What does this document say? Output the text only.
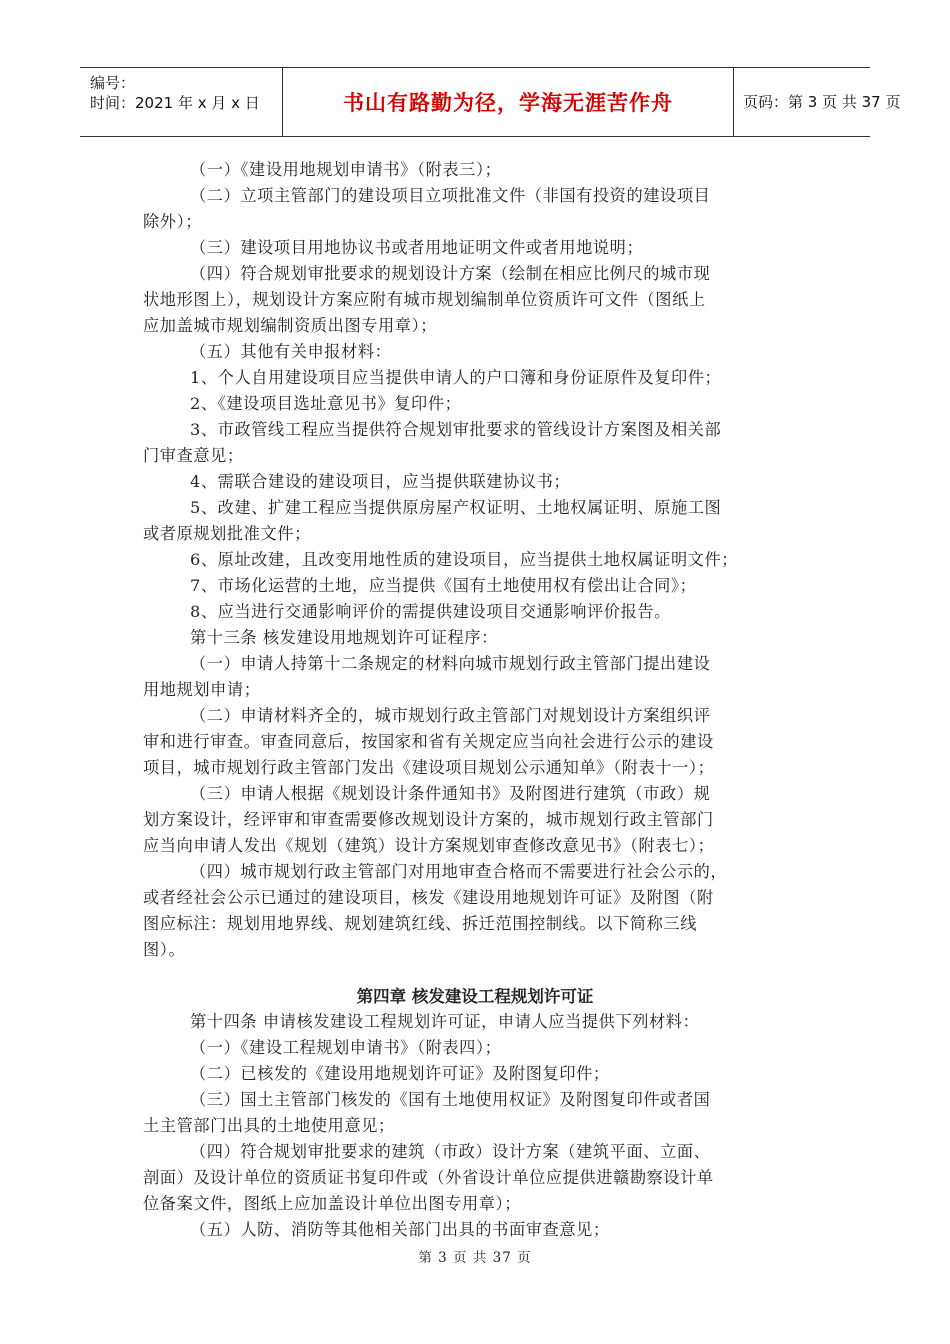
编号：
时间：2021 年 x 月 x 日	书山有路勤为径，学海无涯苦作舟	页码：第 3 页 共 37 页
（一）《建设用地规划申请书》（附表三）；
（二）立项主管部门的建设项目立项批准文件（非国有投资的建设项目
除外）；
（三）建设项目用地协议书或者用地证明文件或者用地说明；
（四）符合规划审批要求的规划设计方案（绘制在相应比例尺的城市现
状地形图上），规划设计方案应附有城市规划编制单位资质许可文件（图纸上
应加盖城市规划编制资质出图专用章）；
（五）其他有关申报材料：
1、个人自用建设项目应当提供申请人的户口簿和身份证原件及复印件；
2、《建设项目选址意见书》复印件；
3、市政管线工程应当提供符合规划审批要求的管线设计方案图及相关部
门审查意见；
4、需联合建设的建设项目，应当提供联建协议书；
5、改建、扩建工程应当提供原房屋产权证明、土地权属证明、原施工图
或者原规划批准文件；
6、原址改建，且改变用地性质的建设项目，应当提供土地权属证明文件；
7、市场化运营的土地，应当提供《国有土地使用权有偿出让合同》；
8、应当进行交通影响评价的需提供建设项目交通影响评价报告。
第十三条 核发建设用地规划许可证程序：
（一）申请人持第十二条规定的材料向城市规划行政主管部门提出建设
用地规划申请；
（二）申请材料齐全的，城市规划行政主管部门对规划设计方案组织评
审和进行审查。审查同意后，按国家和省有关规定应当向社会进行公示的建设
项目，城市规划行政主管部门发出《建设项目规划公示通知单》（附表十一）；
（三）申请人根据《规划设计条件通知书》及附图进行建筑（市政）规
划方案设计，经评审和审查需要修改规划设计方案的，城市规划行政主管部门
应当向申请人发出《规划（建筑）设计方案规划审查修改意见书》（附表七）；
（四）城市规划行政主管部门对用地审查合格而不需要进行社会公示的，
或者经社会公示已通过的建设项目，核发《建设用地规划许可证》及附图（附
图应标注：规划用地界线、规划建筑红线、拆迁范围控制线。以下简称三线
图）。
第四章 核发建设工程规划许可证
第十四条 申请核发建设工程规划许可证，申请人应当提供下列材料：
（一）《建设工程规划申请书》（附表四）；
（二）已核发的《建设用地规划许可证》及附图复印件；
（三）国土主管部门核发的《国有土地使用权证》及附图复印件或者国
土主管部门出具的土地使用意见；
（四）符合规划审批要求的建筑（市政）设计方案（建筑平面、立面、
剖面）及设计单位的资质证书复印件或（外省设计单位应提供进赣勘察设计单
位备案文件，图纸上应加盖设计单位出图专用章）；
（五）人防、消防等其他相关部门出具的书面审查意见；
第 3 页 共 37 页
